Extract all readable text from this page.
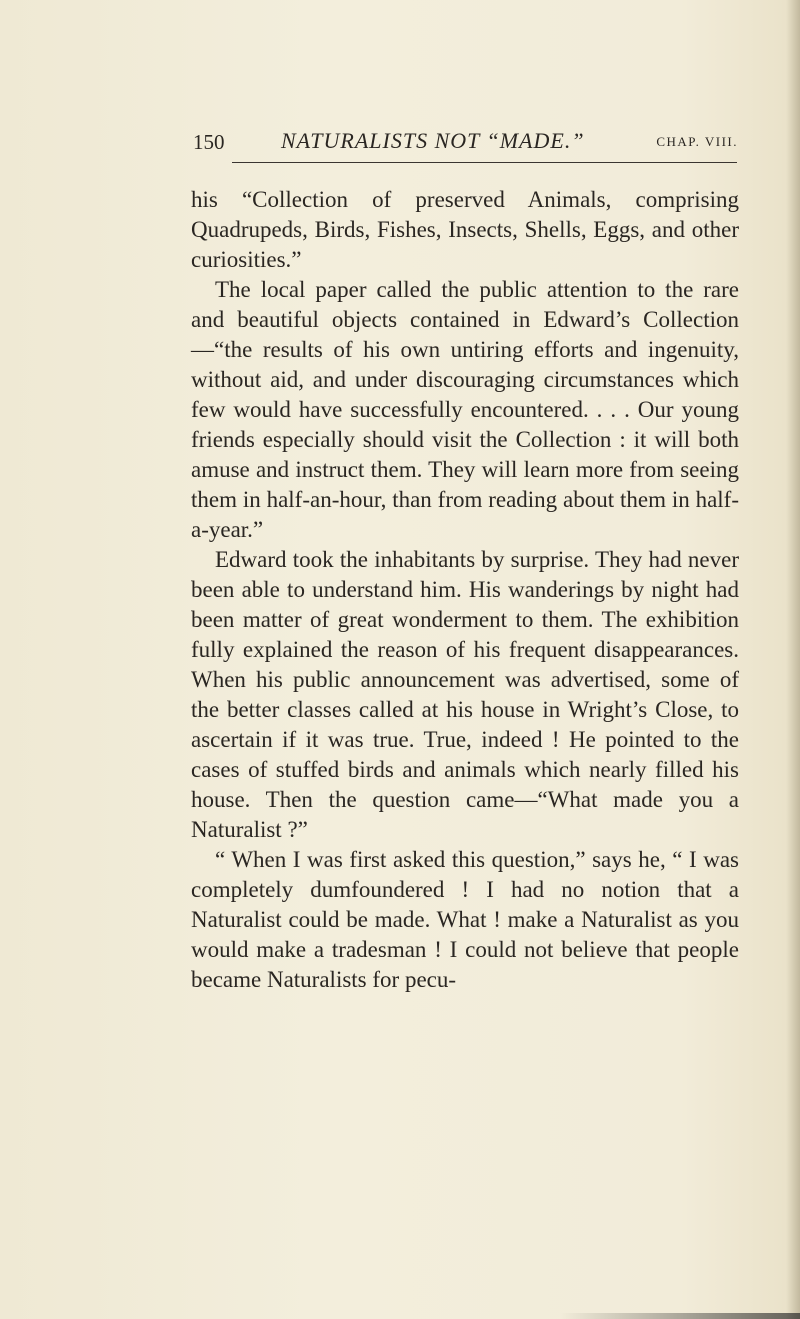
150	NATURALISTS NOT “MADE.”	CHAP. VIII.

his “Collection of preserved Animals, comprising Quadrupeds, Birds, Fishes, Insects, Shells, Eggs, and other curiosities.”

The local paper called the public attention to the rare and beautiful objects contained in Edward’s Collection—“the results of his own untiring efforts and ingenuity, without aid, and under discouraging circumstances which few would have successfully encountered. . . . Our young friends especially should visit the Collection : it will both amuse and instruct them. They will learn more from seeing them in half-an-hour, than from reading about them in half-a-year.”

Edward took the inhabitants by surprise. They had never been able to understand him. His wanderings by night had been matter of great wonderment to them. The exhibition fully explained the reason of his frequent disappearances. When his public announcement was advertised, some of the better classes called at his house in Wright’s Close, to ascertain if it was true. True, indeed ! He pointed to the cases of stuffed birds and animals which nearly filled his house. Then the question came—“What made you a Naturalist ?”

“ When I was first asked this question,” says he, “ I was completely dumfoundered ! I had no notion that a Naturalist could be made. What ! make a Naturalist as you would make a tradesman ! I could not believe that people became Naturalists for pecu-
